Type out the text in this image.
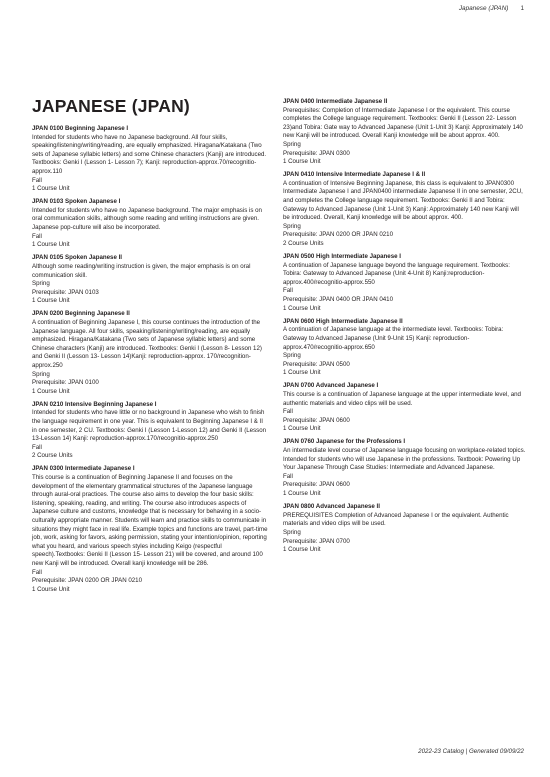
Japanese (JPAN) 1
JAPANESE (JPAN)
JPAN 0100 Beginning Japanese I
Intended for students who have no Japanese background. All four skills, speaking/listening/writing/reading, are equally emphasized. Hiragana/Katakana (Two sets of Japanese syllabic letters) and some Chinese characters (Kanji) are introduced. Textbooks: Genki I (Lesson 1- Lesson 7); Kanji: reproduction-approx.70/recognitio-approx.110
Fall
1 Course Unit
JPAN 0103 Spoken Japanese I
Intended for students who have no Japanese background. The major emphasis is on oral communication skills, although some reading and writing instructions are given. Japanese pop-culture will also be incorporated.
Fall
1 Course Unit
JPAN 0105 Spoken Japanese II
Although some reading/writing instruction is given, the major emphasis is on oral communication skill.
Spring
Prerequisite: JPAN 0103
1 Course Unit
JPAN 0200 Beginning Japanese II
A continuation of Beginning Japanese I, this course continues the introduction of the Japanese language. All four skills, speaking/listening/writing/reading, are equally emphasized. Hiragana/Katakana (Two sets of Japanese syllabic letters) and some Chinese characters (Kanji) are introduced. Textbooks: Genki I (Lesson 8- Lesson 12) and Genki II (Lesson 13- Lesson 14)Kanji: reproduction-approx. 170/recognition-approx.250
Spring
Prerequisite: JPAN 0100
1 Course Unit
JPAN 0210 Intensive Beginning Japanese I
Intended for students who have little or no background in Japanese who wish to finish the language requirement in one year. This is equivalent to Beginning Japanese I & II in one semester, 2 CU. Textbooks: Genki I (Lesson 1-Lesson 12) and Genki II (Lesson 13-Lesson 14) Kanji: reproduction-approx.170/recognitio-approx.250
Fall
2 Course Units
JPAN 0300 Intermediate Japanese I
This course is a continuation of Beginning Japanese II and focuses on the development of the elementary grammatical structures of the Japanese language through aural-oral practices. The course also aims to develop the four basic skills: listening, speaking, reading, and writing. The course also introduces aspects of Japanese culture and customs, knowledge that is necessary for behaving in a socio-culturally appropriate manner. Students will learn and practice skills to communicate in situations they might face in real life. Example topics and functions are travel, part-time job, work, asking for favors, asking permission, stating your intention/opinion, reporting what you heard, and various speech styles including Keigo (respectful speech).Textbooks: Genki II (Lesson 15- Lesson 21) will be covered, and around 100 new Kanji will be introduced. Overall kanji knowledge will be 286.
Fall
Prerequisite: JPAN 0200 OR JPAN 0210
1 Course Unit
JPAN 0400 Intermediate Japanese II
Prerequisites: Completion of Intermediate Japanese I or the equivalent. This course completes the College language requirement. Textbooks: Genki II (Lesson 22- Lesson 23)and Tobira: Gate way to Advanced Japanese (Unit 1-Unit 3) Kanji: Approximately 140 new Kanji will be introduced. Overall Kanji knowledge will be about approx. 400.
Spring
Prerequisite: JPAN 0300
1 Course Unit
JPAN 0410 Intensive Intermediate Japanese I & II
A continuation of Intensive Beginning Japanese, this class is equivalent to JPAN0300 Intermediate Japanese I and JPAN0400 intermediate Japanese II in one semester, 2CU, and completes the College language requirement. Textbooks: Genki II and Tobira: Gateway to Advanced Japanese (Unit 1-Unit 3) Kanji: Approximately 140 new Kanji will be introduced. Overall, Kanji knowledge will be about approx. 400.
Spring
Prerequisite: JPAN 0200 OR JPAN 0210
2 Course Units
JPAN 0500 High Intermediate Japanese I
A continuation of Japanese language beyond the language requirement. Textbooks: Tobira: Gateway to Advanced Japanese (Unit 4-Unit 8) Kanji:reproduction-approx.400/recognitio-approx.550
Fall
Prerequisite: JPAN 0400 OR JPAN 0410
1 Course Unit
JPAN 0600 High Intermediate Japanese II
A continuation of Japanese language at the intermediate level. Textbooks: Tobira: Gateway to Advanced Japanese (Unit 9-Unit 15) Kanji: reproduction-approx.470/recognitio-approx.650
Spring
Prerequisite: JPAN 0500
1 Course Unit
JPAN 0700 Advanced Japanese I
This course is a continuation of Japanese language at the upper intermediate level, and authentic materials and video clips will be used.
Fall
Prerequisite: JPAN 0600
1 Course Unit
JPAN 0760 Japanese for the Professions I
An intermediate level course of Japanese language focusing on workplace-related topics. Intended for students who will use Japanese in the professions. Textbook: Powering Up Your Japanese Through Case Studies: Intermediate and Advanced Japanese.
Fall
Prerequisite: JPAN 0600
1 Course Unit
JPAN 0800 Advanced Japanese II
PREREQUISITES Completion of Advanced Japanese I or the equivalent. Authentic materials and video clips will be used.
Spring
Prerequisite: JPAN 0700
1 Course Unit
2022-23 Catalog | Generated 09/09/22
